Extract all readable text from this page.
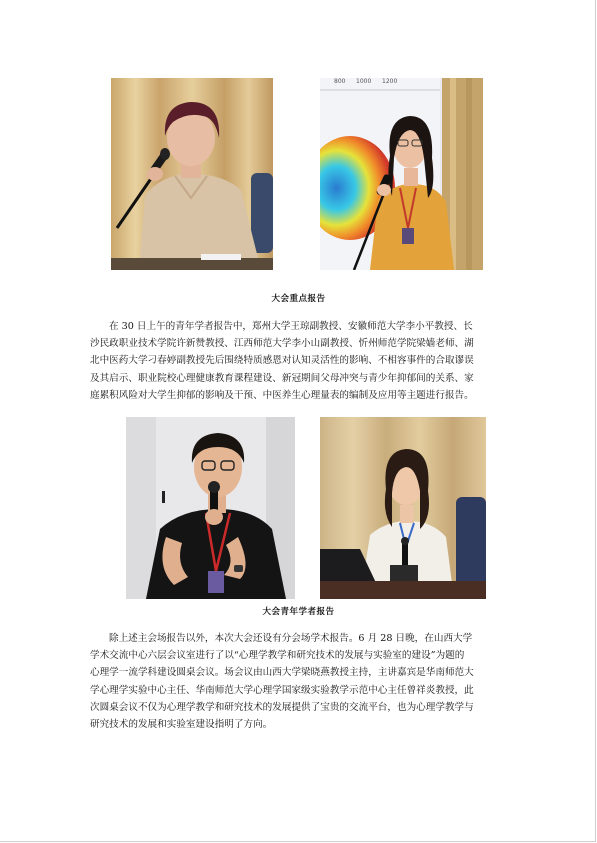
800 1000 1200
大会重点报告
在 30 日上午的青年学者报告中，郑州大学王琼副教授、安徽师范大学李小平教授、长
沙民政职业技术学院许新赞教授、江西师范大学李小山副教授、忻州师范学院梁嫱老师、湖
北中医药大学刁春婷副教授先后围绕特质感恩对认知灵活性的影响、不相容事件的合取谬误
及其启示、职业院校心理健康教育课程建设、新冠期间父母冲突与青少年抑郁间的关系、家
庭累积风险对大学生抑郁的影响及干预、中医养生心理量表的编制及应用等主题进行报告。
大会青年学者报告
除上述主会场报告以外，本次大会还设有分会场学术报告。6 月 28 日晚，在山西大学
学术交流中心六层会议室进行了以“心理学教学和研究技术的发展与实验室的建设”为题的
心理学一流学科建设圆桌会议。场会议由山西大学梁晓燕教授主持，主讲嘉宾是华南师范大
学心理学实验中心主任、华南师范大学心理学国家级实验教学示范中心主任曾祥炎教授，此
次圆桌会议不仅为心理学教学和研究技术的发展提供了宝贵的交流平台，也为心理学教学与
研究技术的发展和实验室建设指明了方向。
